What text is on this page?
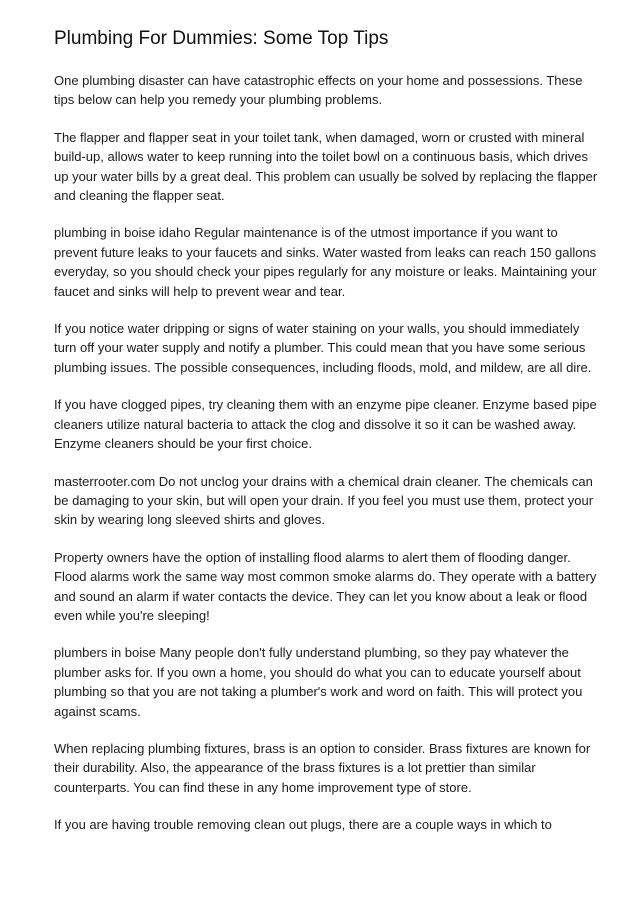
Plumbing For Dummies: Some Top Tips

One plumbing disaster can have catastrophic effects on your home and possessions. These tips below can help you remedy your plumbing problems.

The flapper and flapper seat in your toilet tank, when damaged, worn or crusted with mineral build-up, allows water to keep running into the toilet bowl on a continuous basis, which drives up your water bills by a great deal. This problem can usually be solved by replacing the flapper and cleaning the flapper seat.

plumbing in boise idaho Regular maintenance is of the utmost importance if you want to prevent future leaks to your faucets and sinks. Water wasted from leaks can reach 150 gallons everyday, so you should check your pipes regularly for any moisture or leaks. Maintaining your faucet and sinks will help to prevent wear and tear.

If you notice water dripping or signs of water staining on your walls, you should immediately turn off your water supply and notify a plumber. This could mean that you have some serious plumbing issues. The possible consequences, including floods, mold, and mildew, are all dire.

If you have clogged pipes, try cleaning them with an enzyme pipe cleaner. Enzyme based pipe cleaners utilize natural bacteria to attack the clog and dissolve it so it can be washed away. Enzyme cleaners should be your first choice.

masterrooter.com Do not unclog your drains with a chemical drain cleaner. The chemicals can be damaging to your skin, but will open your drain. If you feel you must use them, protect your skin by wearing long sleeved shirts and gloves.

Property owners have the option of installing flood alarms to alert them of flooding danger. Flood alarms work the same way most common smoke alarms do. They operate with a battery and sound an alarm if water contacts the device. They can let you know about a leak or flood even while you're sleeping!

plumbers in boise Many people don't fully understand plumbing, so they pay whatever the plumber asks for. If you own a home, you should do what you can to educate yourself about plumbing so that you are not taking a plumber's work and word on faith. This will protect you against scams.

When replacing plumbing fixtures, brass is an option to consider. Brass fixtures are known for their durability. Also, the appearance of the brass fixtures is a lot prettier than similar counterparts. You can find these in any home improvement type of store.

If you are having trouble removing clean out plugs, there are a couple ways in which to
